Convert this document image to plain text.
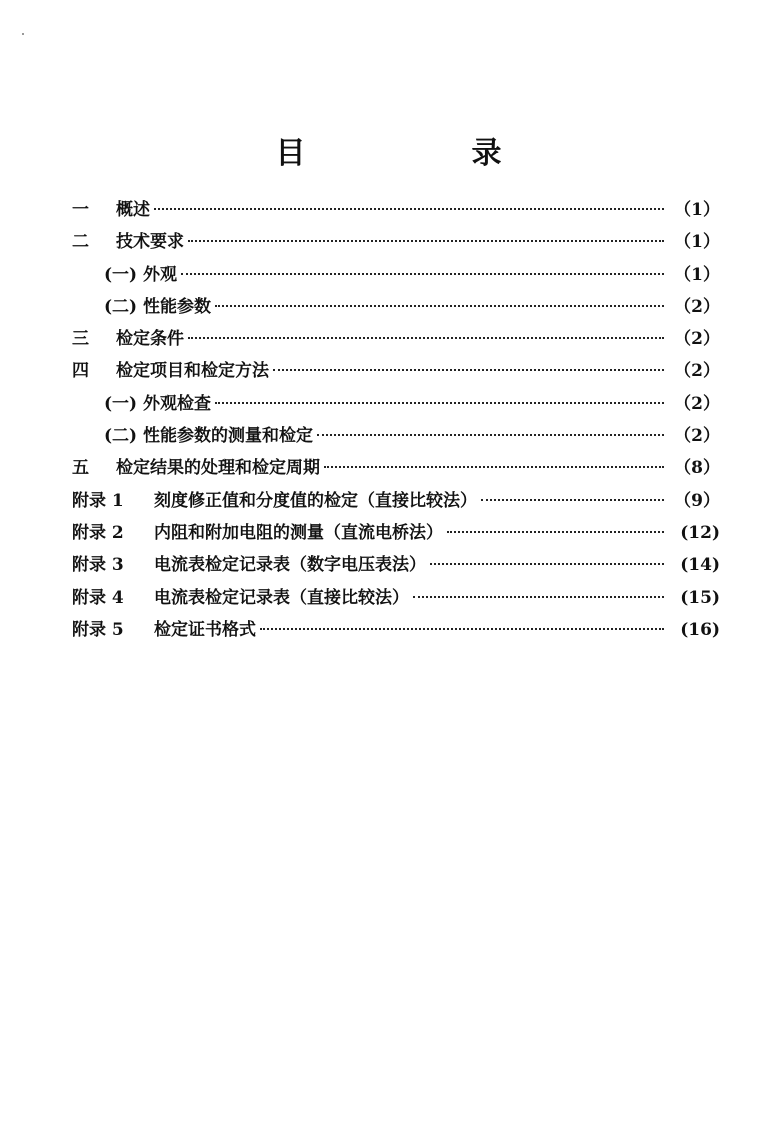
目　录
一	概述	（1）
二	技术要求	（1）
(一) 外观	（1）
(二) 性能参数	（2）
三	检定条件	（2）
四	检定项目和检定方法	（2）
(一) 外观检查	（2）
(二) 性能参数的测量和检定	（2）
五	检定结果的处理和检定周期	（8）
附录 1	刻度修正值和分度值的检定（直接比较法）	（9）
附录 2	内阻和附加电阻的测量（直流电桥法）	(12)
附录 3	电流表检定记录表（数字电压表法）	(14)
附录 4	电流表检定记录表（直接比较法）	(15)
附录 5	检定证书格式	(16)
